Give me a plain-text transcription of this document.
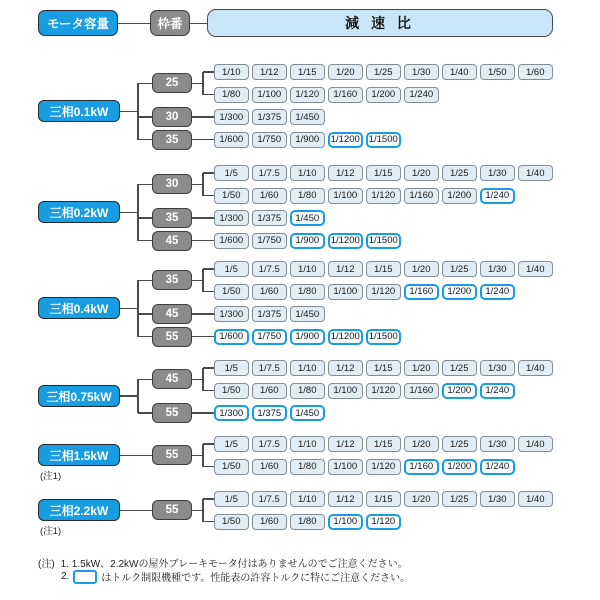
モータ容量	枠番	減 速 比
(注) 1. 1.5kW、2.2kWの屋外ブレーキモータ付はありませんのでご注意ください。
2.	はトルク制限機種です。性能表の許容トルクに特にご注意ください。
25
1/10	1/12	1/15	1/20	1/25	1/30	1/40	1/50	1/60
1/80	1/100	1/120	1/160	1/200	1/240
30	1/300	1/375	1/450
35	1/600	1/750	1/900	1/1200 1/1500
三相0.1kW
30
1/5	1/7.5	1/10	1/12	1/15	1/20	1/25	1/30	1/40
1/50	1/60	1/80	1/100	1/120	1/160	1/200	1/240
35	1/300	1/375	1/450
45	1/600	1/750	1/900	1/1200 1/1500
三相0.2kW
35
1/5	1/7.5	1/10	1/12	1/15	1/20	1/25	1/30	1/40
1/50	1/60	1/80	1/100	1/120	1/160	1/200	1/240
45	1/300	1/375	1/450
55	1/600	1/750	1/900	1/1200 1/1500
三相0.4kW
45
1/5	1/7.5	1/10	1/12	1/15	1/20	1/25	1/30	1/40
1/50	1/60	1/80	1/100	1/120	1/160	1/200	1/240
55	1/300	1/375	1/450
三相0.75kW
55
1/5	1/7.5	1/10	1/12	1/15	1/20	1/25	1/30	1/40
1/50	1/60	1/80	1/100	1/120	1/160	1/200	1/240
三相1.5kW
(注1)
55
1/5	1/7.5	1/10	1/12	1/15	1/20	1/25	1/30	1/40
1/50	1/60	1/80	1/100	1/120
三相2.2kW
(注1)
